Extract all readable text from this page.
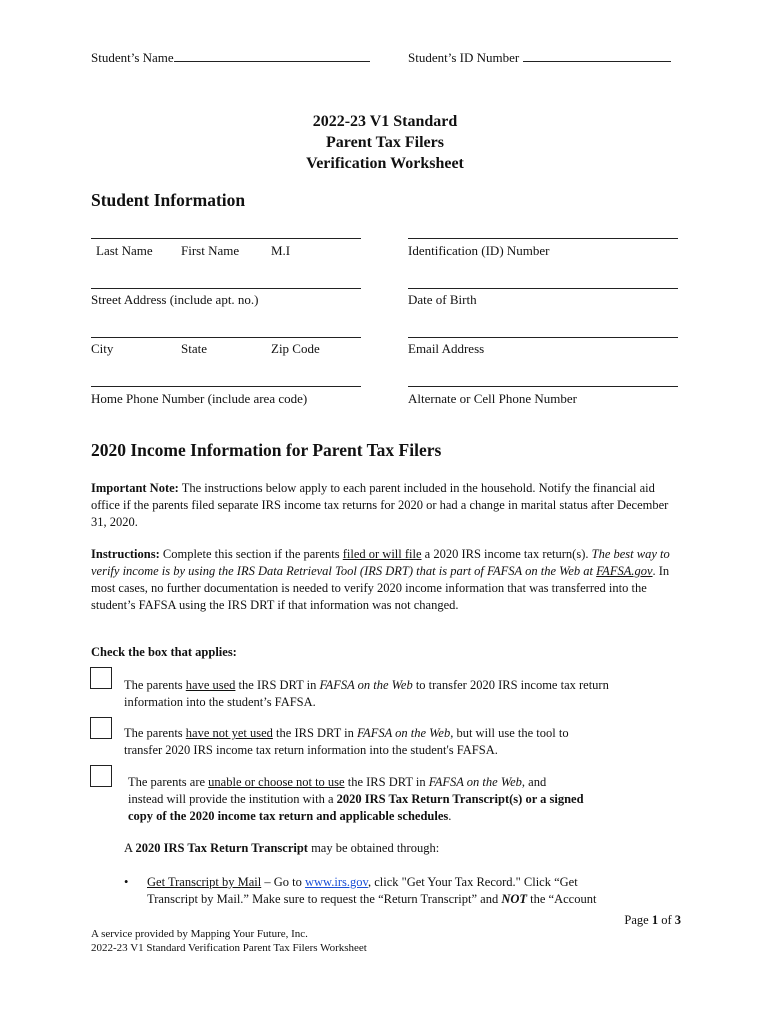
Student’s Name	Student’s ID Number
2022-23 V1 Standard
Parent Tax Filers
Verification Worksheet
Student Information
Last Name First Name M.I	Identification (ID) Number
Street Address (include apt. no.)	Date of Birth
City	State	Zip Code	Email Address
Home Phone Number (include area code)	Alternate or Cell Phone Number
2020 Income Information for Parent Tax Filers
Important Note: The instructions below apply to each parent included in the household. Notify the financial aid office if the parents filed separate IRS income tax returns for 2020 or had a change in marital status after December 31, 2020.
Instructions: Complete this section if the parents filed or will file a 2020 IRS income tax return(s). The best way to verify income is by using the IRS Data Retrieval Tool (IRS DRT) that is part of FAFSA on the Web at FAFSA.gov. In most cases, no further documentation is needed to verify 2020 income information that was transferred into the student’s FAFSA using the IRS DRT if that information was not changed.
Check the box that applies:
The parents have used the IRS DRT in FAFSA on the Web to transfer 2020 IRS income tax return
information into the student’s FAFSA.
The parents have not yet used the IRS DRT in FAFSA on the Web, but will use the tool to
transfer 2020 IRS income tax return information into the student's FAFSA.
The parents are unable or choose not to use the IRS DRT in FAFSA on the Web, and
instead will provide the institution with a 2020 IRS Tax Return Transcript(s) or a signed
copy of the 2020 income tax return and applicable schedules.
A 2020 IRS Tax Return Transcript may be obtained through:
• Get Transcript by Mail – Go to www.irs.gov, click "Get Your Tax Record." Click “Get
Transcript by Mail.” Make sure to request the “Return Transcript” and NOT the “Account
Page 1 of 3
A service provided by Mapping Your Future, Inc.
2022-23 V1 Standard Verification Parent Tax Filers Worksheet
